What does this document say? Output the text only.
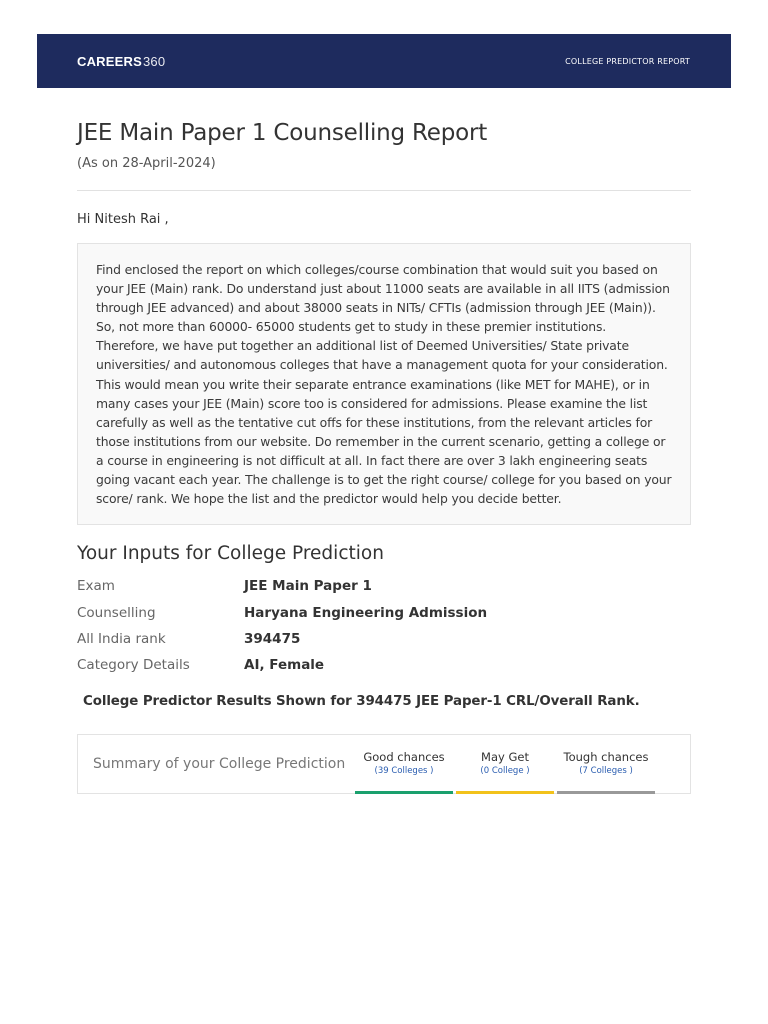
CAREERS 360	COLLEGE PREDICTOR REPORT
JEE Main Paper 1 Counselling Report
(As on 28-April-2024)
Hi Nitesh Rai ,

Find enclosed the report on which colleges/course combination that would suit you based on your JEE (Main) rank. Do understand just about 11000 seats are available in all IITS (admission through JEE advanced) and about 38000 seats in NITs/ CFTIs (admission through JEE (Main)). So, not more than 60000- 65000 students get to study in these premier institutions. Therefore, we have put together an additional list of Deemed Universities/ State private universities/ and autonomous colleges that have a management quota for your consideration. This would mean you write their separate entrance examinations (like MET for MAHE), or in many cases your JEE (Main) score too is considered for admissions. Please examine the list carefully as well as the tentative cut offs for these institutions, from the relevant articles for those institutions from our website. Do remember in the current scenario, getting a college or a course in engineering is not difficult at all. In fact there are over 3 lakh engineering seats going vacant each year. The challenge is to get the right course/ college for you based on your score/ rank. We hope the list and the predictor would help you decide better.

Your Inputs for College Prediction
Exam	JEE Main Paper 1
Counselling	Haryana Engineering Admission
All India rank	394475
Category Details	AI, Female
College Predictor Results Shown for 394475 JEE Paper-1 CRL/Overall Rank.
Summary of your College Prediction	Good chances
(39 Colleges )
May Get
(0 College )
Tough chances
(7 Colleges )
